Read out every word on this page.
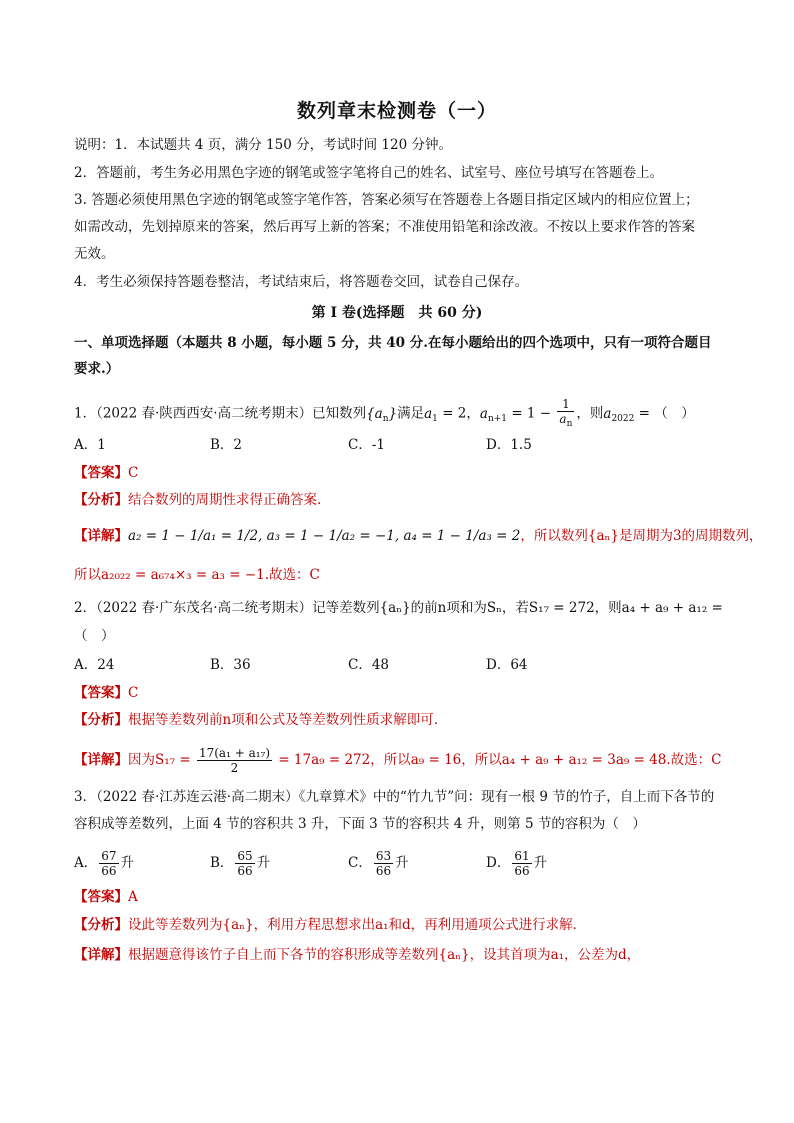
数列章末检测卷（一）
说明：1．本试题共 4 页，满分 150 分，考试时间 120 分钟。
2．答题前，考生务必用黑色字迹的钢笔或签字笔将自己的姓名、试室号、座位号填写在答题卷上。
3. 答题必须使用黑色字迹的钢笔或签字笔作答，答案必须写在答题卷上各题目指定区域内的相应位置上；
如需改动，先划掉原来的答案，然后再写上新的答案；不准使用铅笔和涂改液。不按以上要求作答的答案
无效。
4．考生必须保持答题卷整洁，考试结束后，将答题卷交回，试卷自己保存。
第 I 卷(选择题　共 60 分)
一、单项选择题（本题共 8 小题，每小题 5 分，共 40 分.在每小题给出的四个选项中，只有一项符合题目
要求.）
1．（2022 春·陕西西安·高二统考期末）已知数列$\{a_n\}$满足$a_1 = 2$，$a_{n+1} = 1 - \frac{1}{a_n}$ ，则$a_{2022}$ = （　）
A．1	B．2	C．-1	D．1.5
【答案】C
【分析】结合数列的周期性求得正确答案.
【详解】a₂ = 1 − 1/a₁ = 1/2, a₃ = 1 − 1/a₂ = −1, a₄ = 1 − 1/a₃ = 2，所以数列{aₙ}是周期为3的周期数列，
所以a₂₀₂₂ = a₆₇₄×₃ = a₃ = −1.故选：C
2．（2022 春·广东茂名·高二统考期末）记等差数列{aₙ}的前n项和为Sₙ，若S₁₇ = 272，则a₄ + a₉ + a₁₂ =
（　）
A．24	B．36	C．48	D．64
【答案】C
【分析】根据等差数列前n项和公式及等差数列性质求解即可.
【详解】因为$S_{17} = \frac{\text{17(a₁ + a₁₇)}}{2} = 17a_9 = 272$，所以a₉ = 16，所以a₄ + a₉ + a₁₂ = 3a₉ = 48.故选：C
3．（2022 春·江苏连云港·高二期末）《九章算术》中的“竹九节”问：现有一根 9 节的竹子，自上而下各节的
容积成等差数列，上面 4 节的容积共 3 升，下面 3 节的容积共 4 升，则第 5 节的容积为（　）
A． $\frac{67}{66}$ 升	B． $\frac{65}{66}$ 升	C． $\frac{63}{66}$ 升	D． $\frac{61}{66}$ 升
【答案】A
【分析】设此等差数列为{aₙ}，利用方程思想求出a₁和d，再利用通项公式进行求解．
【详解】根据题意得该竹子自上而下各节的容积形成等差数列{aₙ}，设其首项为a₁，公差为d，
